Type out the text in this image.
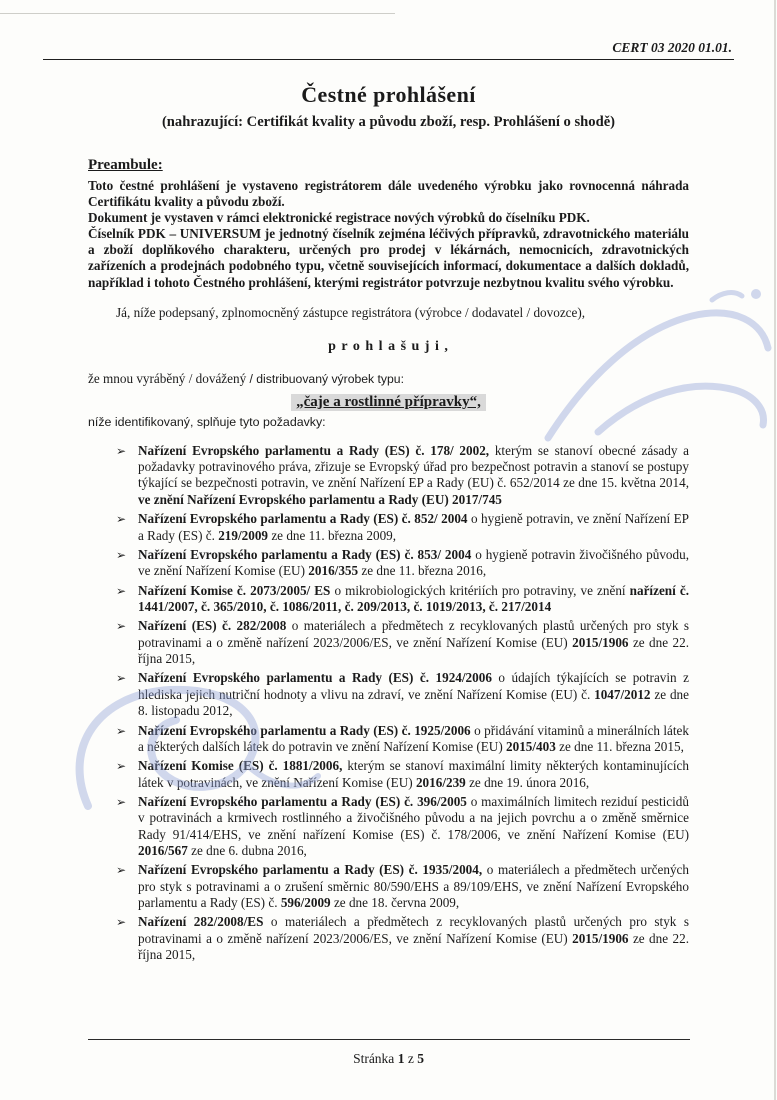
CERT 03 2020 01.01.
Čestné prohlášení
(nahrazující: Certifikát kvality a původu zboží, resp. Prohlášení o shodě)
Preambule:

Toto čestné prohlášení je vystaveno registrátorem dále uvedeného výrobku jako rovnocenná náhrada Certifikátu kvality a původu zboží.

Dokument je vystaven v rámci elektronické registrace nových výrobků do číselníku PDK.

Číselník PDK – UNIVERSUM je jednotný číselník zejména léčivých přípravků, zdravotnického materiálu a zboží doplňkového charakteru, určených pro prodej v lékárnách, nemocnicích, zdravotnických zařízeních a prodejnách podobného typu, včetně souvisejících informací, dokumentace a dalších dokladů, například i tohoto Čestného prohlášení, kterými registrátor potvrzuje nezbytnou kvalitu svého výrobku.

Já, níže podepsaný, zplnomocněný zástupce registrátora (výrobce / dodavatel / dovozce),

p r o h l a š u j i ,

že mnou vyráběný / dovážený / distribuovaný výrobek typu:

„čaje a rostlinné přípravky“,

níže identifikovaný, splňuje tyto požadavky:

➢ Nařízení Evropského parlamentu a Rady (ES) č. 178/ 2002, kterým se stanoví obecné zásady a požadavky potravinového práva, zřizuje se Evropský úřad pro bezpečnost potravin a stanoví se postupy týkající se bezpečnosti potravin, ve znění Nařízení EP a Rady (EU) č. 652/2014 ze dne 15. května 2014, ve znění Nařízení Evropského parlamentu a Rady (EU) 2017/745
➢ Nařízení Evropského parlamentu a Rady (ES) č. 852/ 2004 o hygieně potravin, ve znění Nařízení EP a Rady (ES) č. 219/2009 ze dne 11. března 2009,
➢ Nařízení Evropského parlamentu a Rady (ES) č. 853/ 2004 o hygieně potravin živočišného původu, ve znění Nařízení Komise (EU) 2016/355 ze dne 11. března 2016,
➢ Nařízení Komise č. 2073/2005/ ES o mikrobiologických kritériích pro potraviny, ve znění nařízení č. 1441/2007, č. 365/2010, č. 1086/2011, č. 209/2013, č. 1019/2013, č. 217/2014
➢ Nařízení (ES) č. 282/2008 o materiálech a předmětech z recyklovaných plastů určených pro styk s potravinami a o změně nařízení 2023/2006/ES, ve znění Nařízení Komise (EU) 2015/1906 ze dne 22. října 2015,
➢ Nařízení Evropského parlamentu a Rady (ES) č. 1924/2006 o údajích týkajících se potravin z hlediska jejich nutriční hodnoty a vlivu na zdraví, ve znění Nařízení Komise (EU) č. 1047/2012 ze dne 8. listopadu 2012,
➢ Nařízení Evropského parlamentu a Rady (ES) č. 1925/2006 o přidávání vitaminů a minerálních látek a některých dalších látek do potravin ve znění Nařízení Komise (EU) 2015/403 ze dne 11. března 2015,
➢ Nařízení Komise (ES) č. 1881/2006, kterým se stanoví maximální limity některých kontaminujících látek v potravinách, ve znění Nařízení Komise (EU) 2016/239 ze dne 19. února 2016,
➢ Nařízení Evropského parlamentu a Rady (ES) č. 396/2005 o maximálních limitech reziduí pesticidů v potravinách a krmivech rostlinného a živočišného původu a na jejich povrchu a o změně směrnice Rady 91/414/EHS, ve znění nařízení Komise (ES) č. 178/2006, ve znění Nařízení Komise (EU) 2016/567 ze dne 6. dubna 2016,
➢ Nařízení Evropského parlamentu a Rady (ES) č. 1935/2004, o materiálech a předmětech určených pro styk s potravinami a o zrušení směrnic 80/590/EHS a 89/109/EHS, ve znění Nařízení Evropského parlamentu a Rady (ES) č. 596/2009 ze dne 18. června 2009,
➢ Nařízení 282/2008/ES o materiálech a předmětech z recyklovaných plastů určených pro styk s potravinami a o změně nařízení 2023/2006/ES, ve znění Nařízení Komise (EU) 2015/1906 ze dne 22. října 2015,
Stránka 1 z 5
